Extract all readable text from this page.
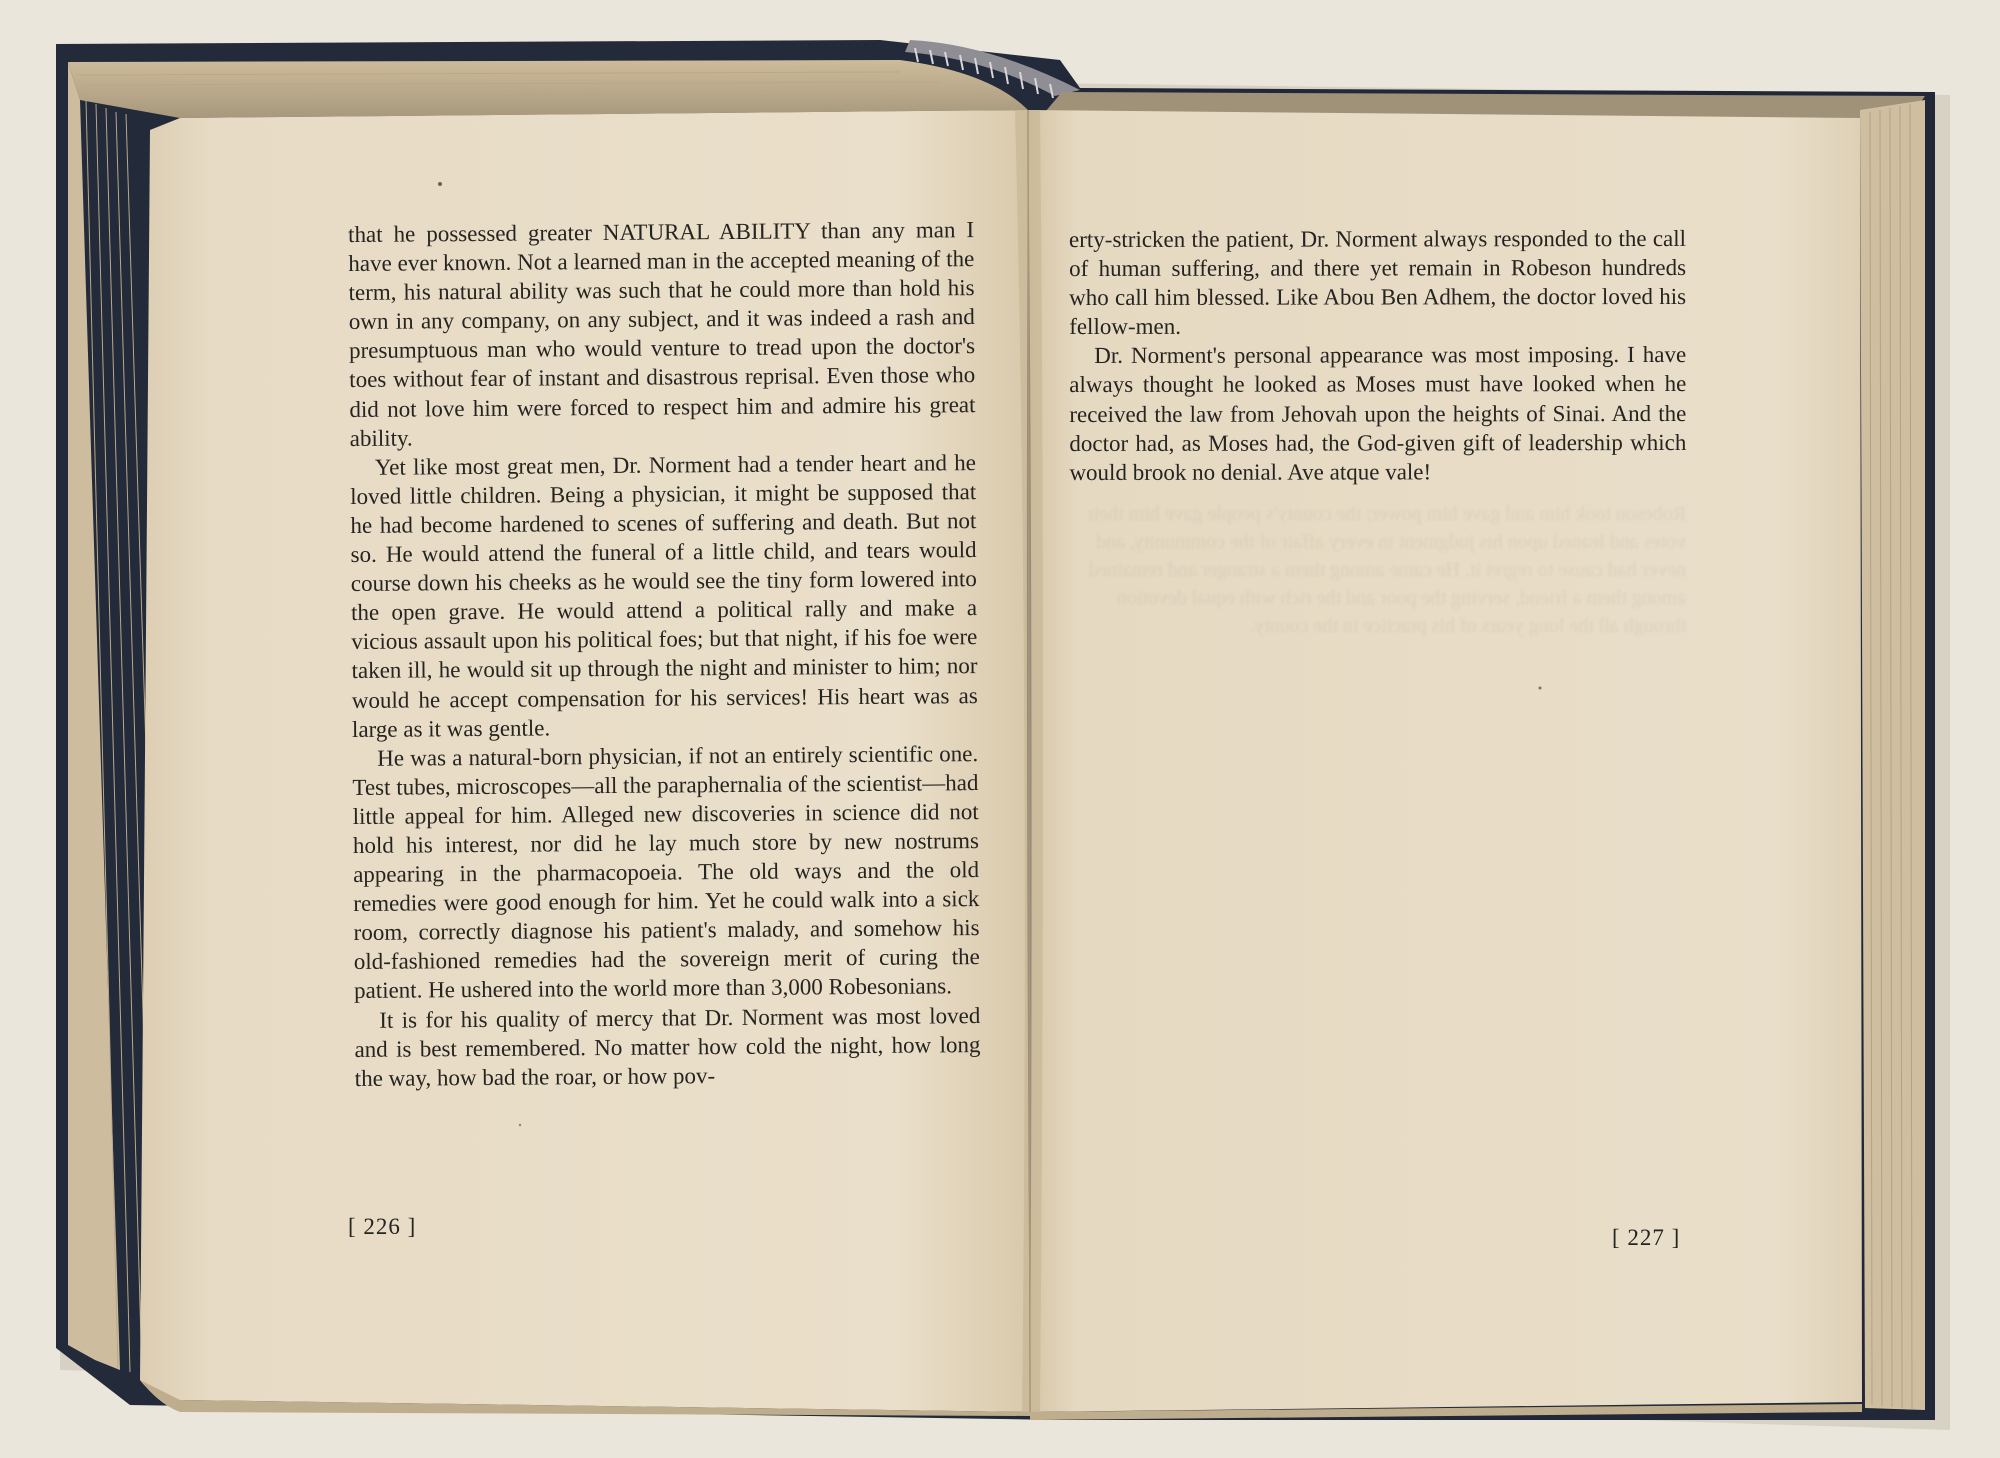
Robeson took him and gave him power; the county's people gave him their votes and leaned upon his judgment in every affair of the community, and never had cause to regret it. He came among them a stranger and remained among them a friend, serving the poor and the rich with equal devotion through all the long years of his practice in the county.

that he possessed greater NATURAL ABILITY than any man I have ever known. Not a learned man in the accepted meaning of the term, his natural ability was such that he could more than hold his own in any company, on any subject, and it was indeed a rash and presumptuous man who would venture to tread upon the doctor's toes without fear of instant and disastrous reprisal. Even those who did not love him were forced to respect him and admire his great ability.

Yet like most great men, Dr. Norment had a tender heart and he loved little children. Being a physician, it might be supposed that he had become hardened to scenes of suffering and death. But not so. He would attend the funeral of a little child, and tears would course down his cheeks as he would see the tiny form lowered into the open grave. He would attend a political rally and make a vicious assault upon his political foes; but that night, if his foe were taken ill, he would sit up through the night and minister to him; nor would he accept compensation for his services! His heart was as large as it was gentle.

He was a natural-born physician, if not an entirely scientific one. Test tubes, microscopes—all the paraphernalia of the scientist—had little appeal for him. Alleged new discoveries in science did not hold his interest, nor did he lay much store by new nostrums appearing in the pharmacopoeia. The old ways and the old remedies were good enough for him. Yet he could walk into a sick room, correctly diagnose his patient's malady, and somehow his old-fashioned remedies had the sovereign merit of curing the patient. He ushered into the world more than 3,000 Robesonians.

It is for his quality of mercy that Dr. Norment was most loved and is best remembered. No matter how cold the night, how long the way, how bad the roar, or how pov-

[ 226 ]

erty-stricken the patient, Dr. Norment always responded to the call of human suffering, and there yet remain in Robeson hundreds who call him blessed. Like Abou Ben Adhem, the doctor loved his fellow-men.

Dr. Norment's personal appearance was most imposing. I have always thought he looked as Moses must have looked when he received the law from Jehovah upon the heights of Sinai. And the doctor had, as Moses had, the God-given gift of leadership which would brook no denial. Ave atque vale!

[ 227 ]
